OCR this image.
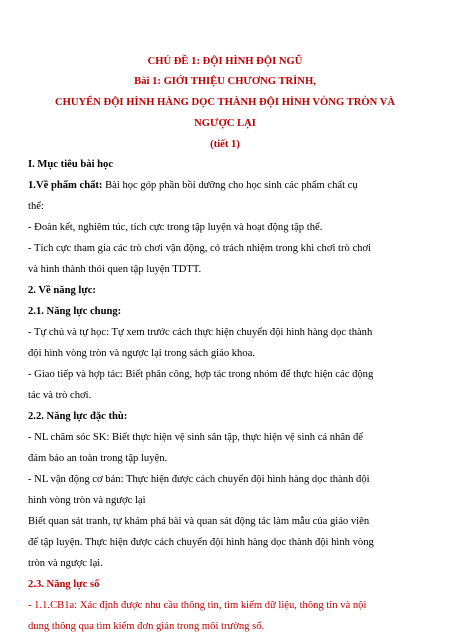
CHỦ ĐỀ 1: ĐỘI HÌNH ĐỘI NGŨ
Bài 1: GIỚI THIỆU CHƯƠNG TRÌNH,
CHUYỂN ĐỘI HÌNH HÀNG DỌC THÀNH ĐỘI HÌNH VÒNG TRÒN VÀ
NGƯỢC LẠI
(tiết 1)
I. Mục tiêu bài học
1.Về phẩm chất: Bài học góp phần bồi dưỡng cho học sinh các phẩm chất cụ
thể:
- Đoàn kết, nghiêm túc, tích cực trong tập luyện và hoạt động tập thể.
- Tích cực tham gia các trò chơi vận động, có trách nhiệm trong khi chơi trò chơi
và hình thành thói quen tập luyện TDTT.
2. Về năng lực:
2.1. Năng lực chung:
- Tự chủ và tự học: Tự xem trước cách thực hiện chuyển đội hình hàng dọc thành
đội hình vòng tròn và ngược lại trong sách giáo khoa.
- Giao tiếp và hợp tác: Biết phân công, hợp tác trong nhóm để thực hiện các động
tác và trò chơi.
2.2. Năng lực đặc thù:
- NL chăm sóc SK: Biết thực hiện vệ sinh sân tập, thực hiện vệ sinh cá nhân để
đảm bảo an toàn trong tập luyện.
- NL vận động cơ bản: Thực hiện được cách chuyển đội hình hàng dọc thành đội
hình vòng tròn và ngược lại
Biết quan sát tranh, tự khám phá bài và quan sát động tác làm mẫu của giáo viên
để tập luyện. Thực hiện được cách chuyển đội hình hàng dọc thành đội hình vòng
tròn và ngược lại.
2.3. Năng lực số
- 1.1.CB1a: Xác định được nhu cầu thông tin, tìm kiếm dữ liệu, thông tin và nội
dung thông qua tìm kiếm đơn giản trong môi trường số.
